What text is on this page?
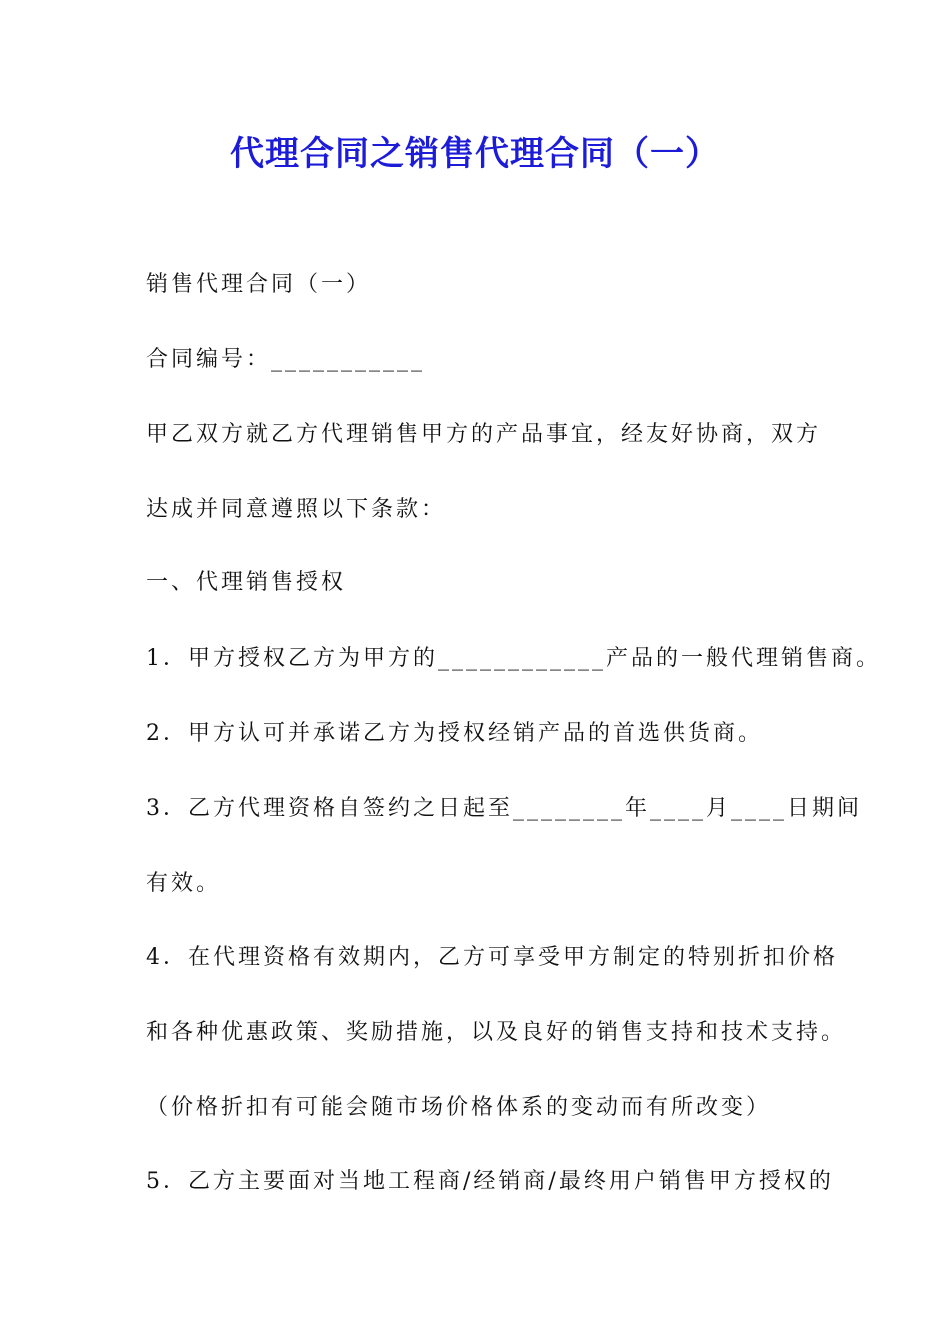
代理合同之销售代理合同（一）

销售代理合同（一）

合同编号：___________

甲乙双方就乙方代理销售甲方的产品事宜，经友好协商，双方

达成并同意遵照以下条款：

一、代理销售授权

1．甲方授权乙方为甲方的____________产品的一般代理销售商。

2．甲方认可并承诺乙方为授权经销产品的首选供货商。

3．乙方代理资格自签约之日起至________年____月____日期间

有效。

4．在代理资格有效期内，乙方可享受甲方制定的特别折扣价格

和各种优惠政策、奖励措施，以及良好的销售支持和技术支持。

（价格折扣有可能会随市场价格体系的变动而有所改变）

5．乙方主要面对当地工程商/经销商/最终用户销售甲方授权的
